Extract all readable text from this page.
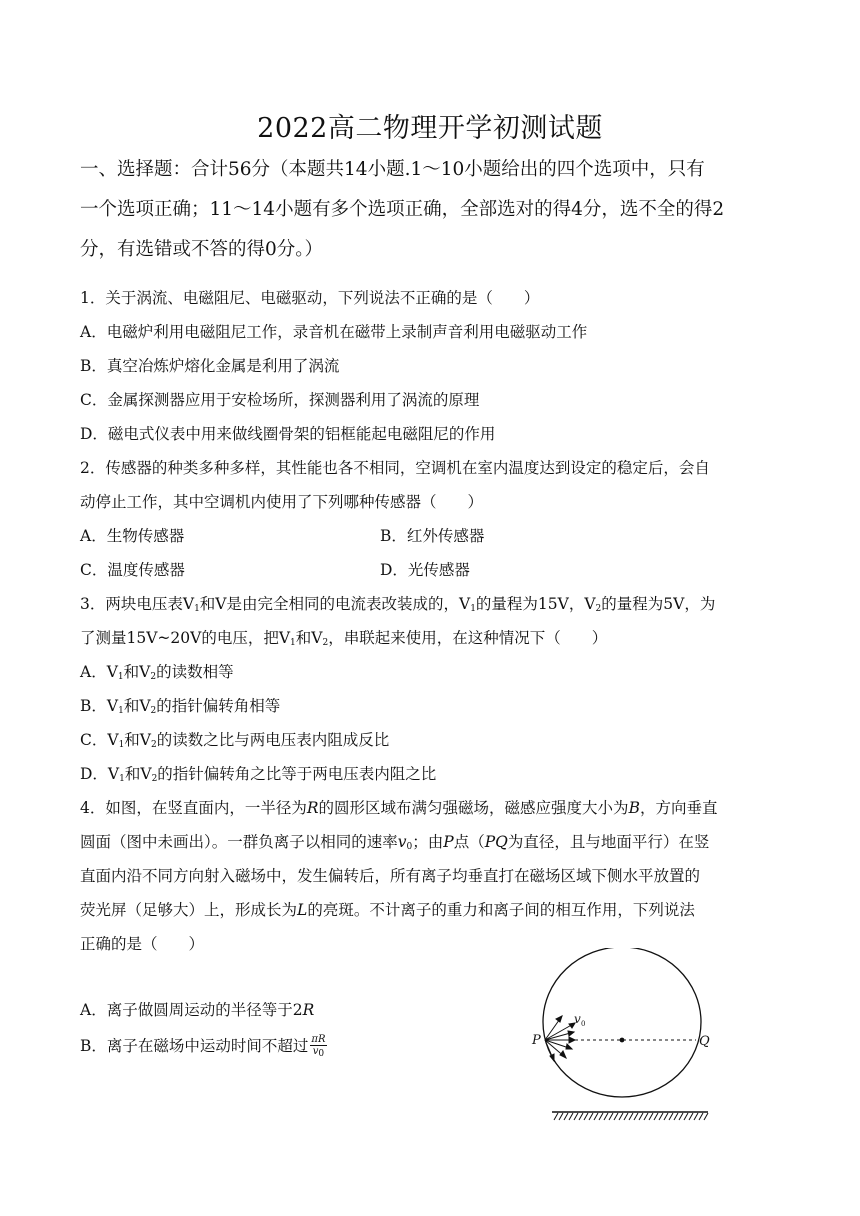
2022高二物理开学初测试题
一、选择题：合计56分（本题共14小题.1～10小题给出的四个选项中，只有
一个选项正确；11～14小题有多个选项正确，全部选对的得4分，选不全的得2
分，有选错或不答的得0分。）
1．关于涡流、电磁阻尼、电磁驱动，下列说法不正确的是（　　）
A．电磁炉利用电磁阻尼工作，录音机在磁带上录制声音利用电磁驱动工作
B．真空冶炼炉熔化金属是利用了涡流
C．金属探测器应用于安检场所，探测器利用了涡流的原理
D．磁电式仪表中用来做线圈骨架的铝框能起电磁阻尼的作用
2．传感器的种类多种多样，其性能也各不相同，空调机在室内温度达到设定的稳定后，会自
动停止工作，其中空调机内使用了下列哪种传感器（　　）
A．生物传感器	B．红外传感器
C．温度传感器	D．光传感器
3．两块电压表$V_1$和V是由完全相同的电流表改装成的，$V_1$的量程为15V，$V_2$的量程为5V，为
了测量15V~20V的电压，把$V_1$和$V_2$，串联起来使用，在这种情况下（　　）
A．$V_1$和$V_2$的读数相等
B．$V_1$和$V_2$的指针偏转角相等
C．$V_1$和$V_2$的读数之比与两电压表内阻成反比
D．$V_1$和$V_2$的指针偏转角之比等于两电压表内阻之比
4．如图，在竖直面内，一半径为R的圆形区域布满匀强磁场，磁感应强度大小为B，方向垂直
圆面（图中未画出）。一群负离子以相同的速率$v_0$；由P点（PQ为直径，且与地面平行）在竖
直面内沿不同方向射入磁场中，发生偏转后，所有离子均垂直打在磁场区域下侧水平放置的
荧光屏（足够大）上，形成长为L的亮斑。不计离子的重力和离子间的相互作用，下列说法
正确的是（　　）
A．离子做圆周运动的半径等于2R
B．离子在磁场中运动时间不超过 $\frac{\pi R}{v_0}$	P	Q
v 0
